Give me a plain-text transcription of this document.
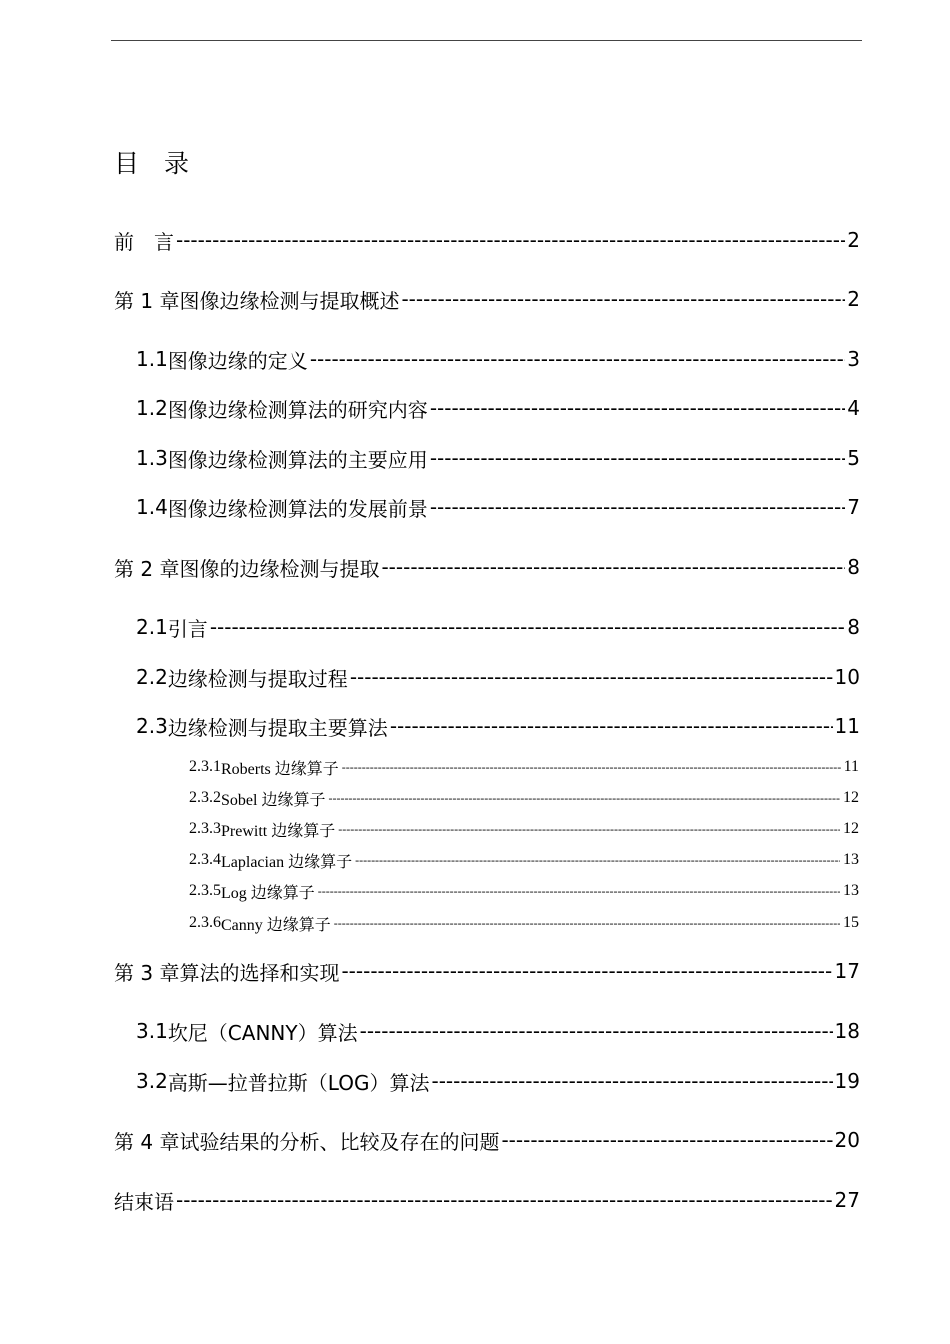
目　录
前　言 -----	2
第 1 章 图像边缘检测与提取概述 -----	2
1.1 图像边缘的定义 -----	3
1.2 图像边缘检测算法的研究内容 -----	4
1.3 图像边缘检测算法的主要应用 -----	5
1.4 图像边缘检测算法的发展前景 -----	7
第 2 章 图像的边缘检测与提取 -----	8
2.1 引言 -----	8
2.2 边缘检测与提取过程 -----	10
2.3 边缘检测与提取主要算法 -----	11
2.3.1 Roberts 边缘算子 -----	11
2.3.2 Sobel 边缘算子 -----	12
2.3.3 Prewitt 边缘算子 -----	12
2.3.4 Laplacian 边缘算子 -----	13
2.3.5 Log 边缘算子 -----	13
2.3.6 Canny 边缘算子 -----	15
第 3 章 算法的选择和实现 -----	17
3.1 坎尼（CANNY）算法 -----	18
3.2 高斯—拉普拉斯（LOG）算法 -----	19
第 4 章 试验结果的分析、比较及存在的问题 -----	20
结束语 -----	27
